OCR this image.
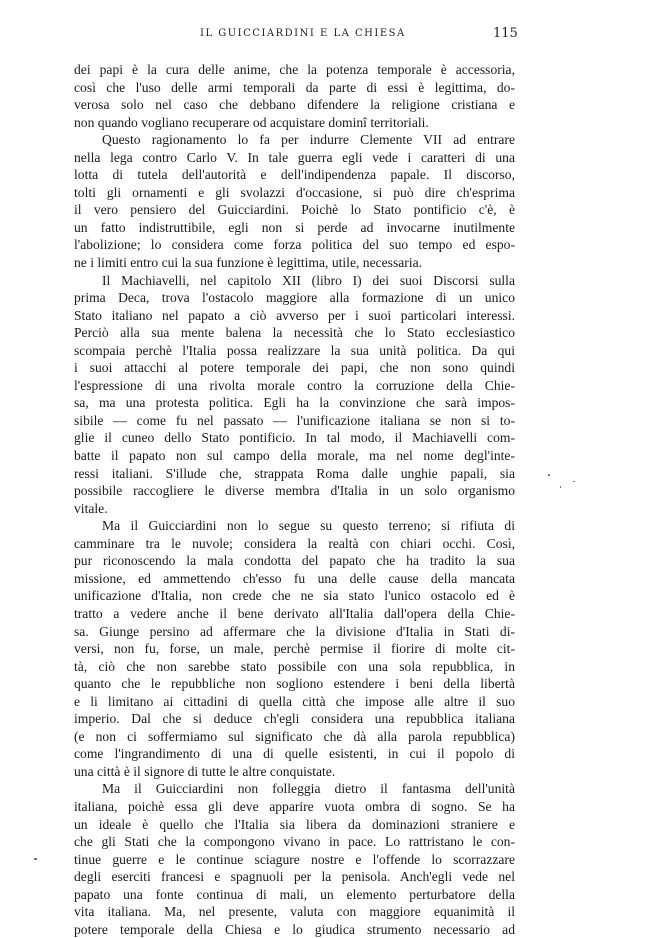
IL GUICCIARDINI E LA CHIESA	115
dei papi è la cura delle anime, che la potenza temporale è accessoria,
così che l'uso delle armi temporali da parte di essi è legittima, do-
verosa solo nel caso che debbano difendere la religione cristiana e
non quando vogliano recuperare od acquistare dominî territoriali.
Questo ragionamento lo fa per indurre Clemente VII ad entrare
nella lega contro Carlo V. In tale guerra egli vede i caratteri di una
lotta di tutela dell'autorità e dell'indipendenza papale. Il discorso,
tolti gli ornamenti e gli svolazzi d'occasione, si può dire ch'esprima
il vero pensiero del Guicciardini. Poichè lo Stato pontificio c'è, è
un fatto indistruttibile, egli non si perde ad invocarne inutilmente
l'abolizione; lo considera come forza politica del suo tempo ed espo-
ne i limiti entro cui la sua funzione è legittima, utile, necessaria.
Il Machiavelli, nel capitolo XII (libro I) dei suoi Discorsi sulla
prima Deca, trova l'ostacolo maggiore alla formazione di un unico
Stato italiano nel papato a ciò avverso per i suoi particolari interessi.
Perciò alla sua mente balena la necessità che lo Stato ecclesiastico
scompaia perchè l'Italia possa realizzare la sua unità politica. Da qui
i suoi attacchi al potere temporale dei papi, che non sono quindi
l'espressione di una rivolta morale contro la corruzione della Chie-
sa, ma una protesta politica. Egli ha la convinzione che sarà impos-
sibile — come fu nel passato — l'unificazione italiana se non si to-
glie il cuneo dello Stato pontificio. In tal modo, il Machiavelli com-
batte il papato non sul campo della morale, ma nel nome degl'inte-
ressi italiani. S'illude che, strappata Roma dalle unghie papali, sia
possibile raccogliere le diverse membra d'Italia in un solo organismo
vitale.
Ma il Guicciardini non lo segue su questo terreno; si rifiuta di
camminare tra le nuvole; considera la realtà con chiari occhi. Così,
pur riconoscendo la mala condotta del papato che ha tradito la sua
missione, ed ammettendo ch'esso fu una delle cause della mancata
unificazione d'Italia, non crede che ne sia stato l'unico ostacolo ed è
tratto a vedere anche il bene derivato all'Italia dall'opera della Chie-
sa. Giunge persino ad affermare che la divisione d'Italia in Stati di-
versi, non fu, forse, un male, perchè permise il fiorire di molte cit-
tà, ciò che non sarebbe stato possibile con una sola repubblica, in
quanto che le repubbliche non sogliono estendere i beni della libertà
e li limitano ai cittadini di quella città che impose alle altre il suo
imperio. Dal che si deduce ch'egli considera una repubblica italiana
(e non ci soffermiamo sul significato che dà alla parola repubblica)
come l'ingrandimento di una di quelle esistenti, in cui il popolo di
una città è il signore di tutte le altre conquistate.
Ma il Guicciardini non folleggia dietro il fantasma dell'unità
italiana, poichè essa gli deve apparire vuota ombra di sogno. Se ha
un ideale è quello che l'Italia sia libera da dominazioni straniere e
che gli Stati che la compongono vivano in pace. Lo rattristano le con-
tinue guerre e le continue sciagure nostre e l'offende lo scorrazzare
degli eserciti francesi e spagnuoli per la penisola. Anch'egli vede nel
papato una fonte continua di mali, un elemento perturbatore della
vita italiana. Ma, nel presente, valuta con maggiore equanimità il
potere temporale della Chiesa e lo giudica strumento necessario ad
